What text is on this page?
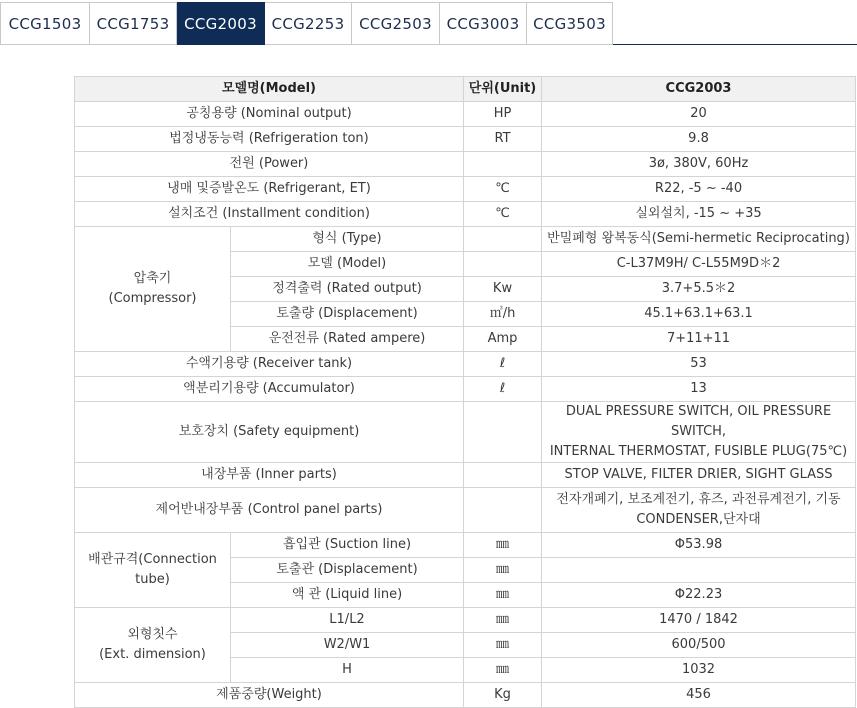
CCG1503	CCG1753 CCG2003 CCG2253 CCG2503 CCG3003 CCG3503
모델명(Model)		단위(Unit)	CCG2003
공칭용량 (Nominal output)		HP	20
법정냉동능력 (Refrigeration ton)		RT	9.8
전원 (Power)			3ø, 380V, 60Hz
냉매 및증발온도 (Refrigerant, ET)		℃	R22, -5 ~ -40
설치조건 (Installment condition)		℃	실외설치, -15 ~ +35

압축기
(Compressor)	형식 (Type)		반밀폐형 왕복동식(Semi-hermetic Reciprocating)
	모델 (Model)		C-L37M9H/ C-L55M9D＊2
	정격출력 (Rated output)	Kw	3.7+5.5＊2
	토출량 (Displacement)	㎥/h	45.1+63.1+63.1
	운전전류 (Rated ampere)	Amp	7+11+11
수액기용량 (Receiver tank)		ℓ	53
액분리기용량 (Accumulator)		ℓ	13
보호장치 (Safety equipment)			DUAL PRESSURE SWITCH, OIL PRESSURE SWITCH,
INTERNAL THERMOSTAT, FUSIBLE PLUG(75℃)

내장부품 (Inner parts)			STOP VALVE, FILTER DRIER, SIGHT GLASS
제어반내장부품 (Control panel parts)			전자개폐기, 보조계전기, 휴즈, 과전류계전기, 기동
CONDENSER,단자대

배관규격(Connection
tube)	흡입관 (Suction line)	㎜	Φ53.98
	토출관 (Displacement)	㎜	
	액 관 (Liquid line)	㎜	Φ22.23

외형칫수
(Ext. dimension)	L1/L2	㎜	1470 / 1842
	W2/W1	㎜	600/500
	H	㎜	1032
제품중량(Weight)		Kg	456
